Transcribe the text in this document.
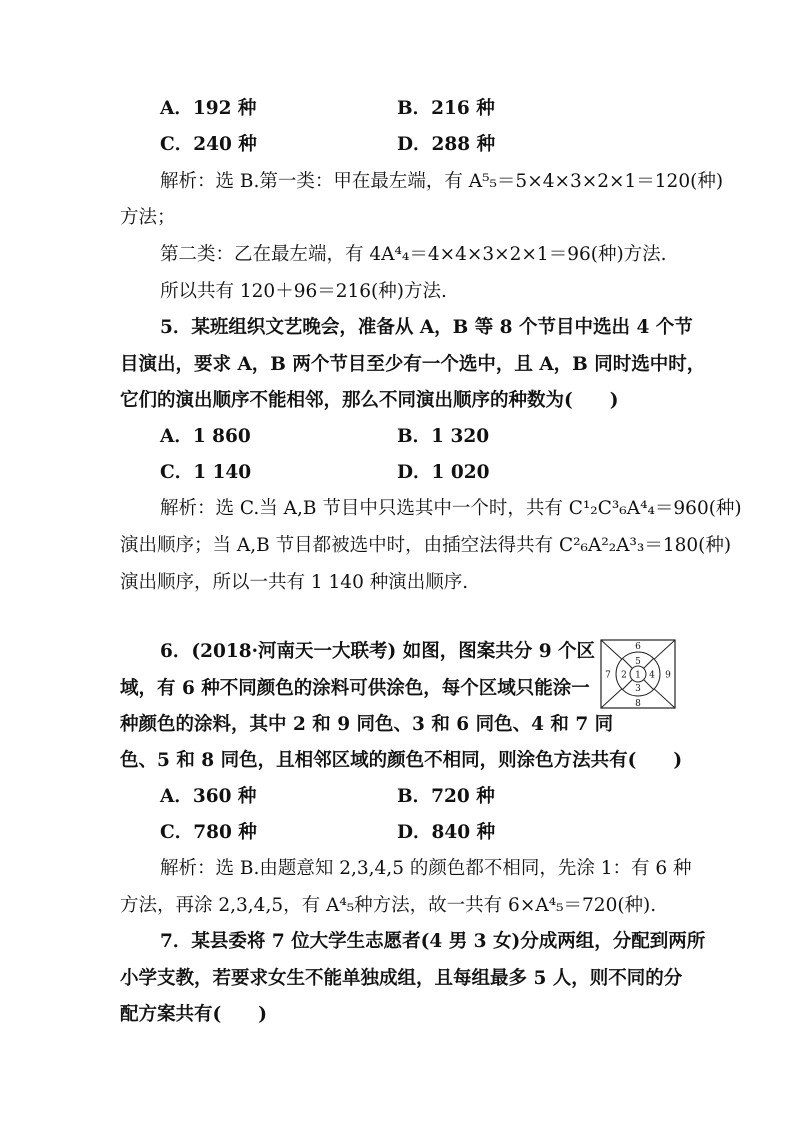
A．192 种	B．216 种
C．240 种	D．288 种
解析：选 B.第一类：甲在最左端，有 A⁵₅＝5×4×3×2×1＝120(种)
方法；
第二类：乙在最左端，有 4A⁴₄＝4×4×3×2×1＝96(种)方法.
所以共有 120＋96＝216(种)方法.
5．某班组织文艺晚会，准备从 A，B 等 8 个节目中选出 4 个节
目演出，要求 A，B 两个节目至少有一个选中，且 A，B 同时选中时，
它们的演出顺序不能相邻，那么不同演出顺序的种数为(　　)
A．1 860	B．1 320
C．1 140	D．1 020
解析：选 C.当 A,B 节目中只选其中一个时，共有 C¹₂C³₆A⁴₄＝960(种)
演出顺序；当 A,B 节目都被选中时，由插空法得共有 C²₆A²₂A³₃＝180(种)
演出顺序，所以一共有 1 140 种演出顺序.
6．(2018·河南天一大联考) 如图，图案共分 9 个区
域，有 6 种不同颜色的涂料可供涂色，每个区域只能涂一
种颜色的涂料，其中 2 和 9 同色、3 和 6 同色、4 和 7 同
色、5 和 8 同色，且相邻区域的颜色不相同，则涂色方法共有(　　)
1
2
3
4
5
6
7
8
9
A．360 种	B．720 种
C．780 种	D．840 种
解析：选 B.由题意知 2,3,4,5 的颜色都不相同，先涂 1：有 6 种
方法，再涂 2,3,4,5，有 A⁴₅种方法，故一共有 6×A⁴₅＝720(种).
7．某县委将 7 位大学生志愿者(4 男 3 女)分成两组，分配到两所
小学支教，若要求女生不能单独成组，且每组最多 5 人，则不同的分
配方案共有(　　)
